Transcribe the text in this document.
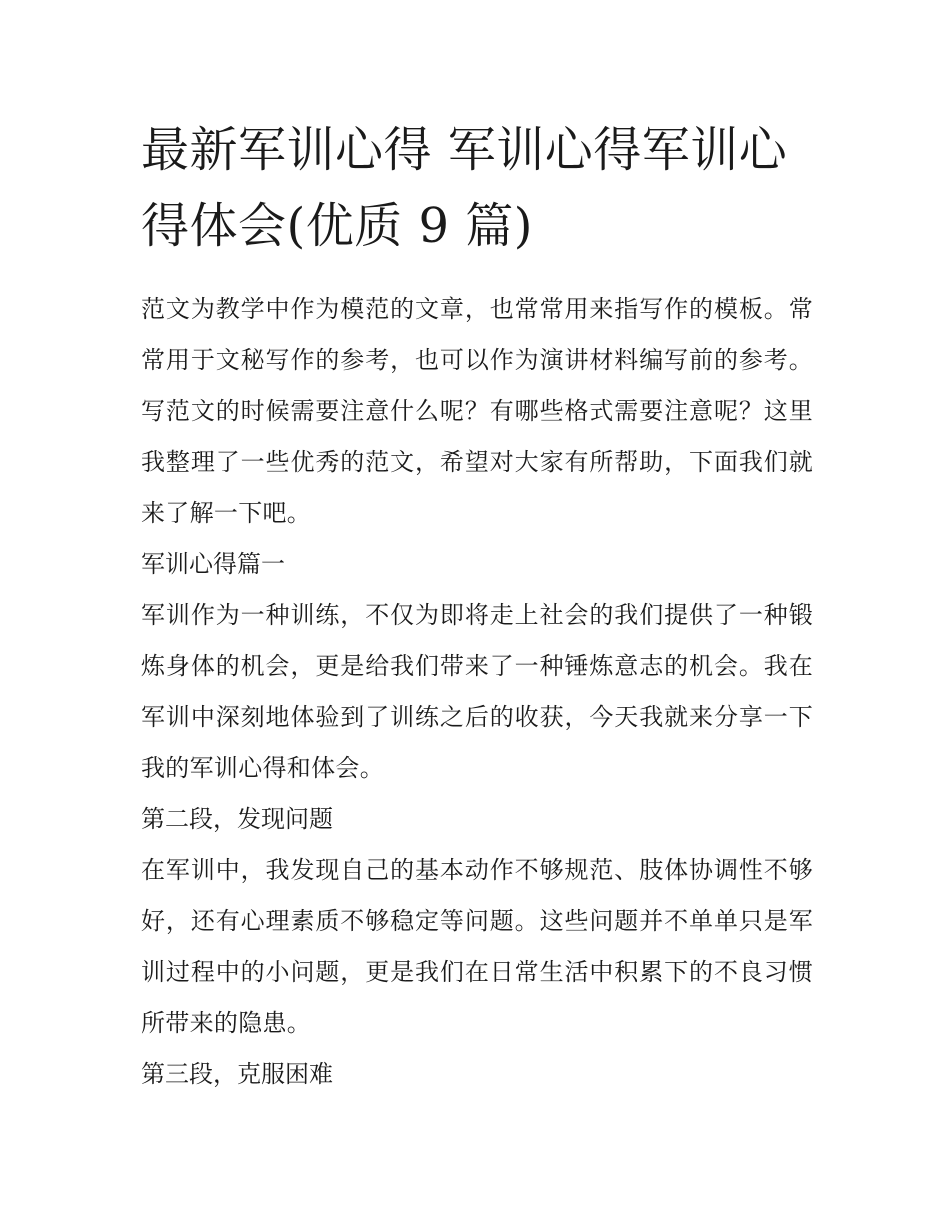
最新军训心得 军训心得军训心得体会(优质 9 篇)

范文为教学中作为模范的文章，也常常用来指写作的模板。常常用于文秘写作的参考，也可以作为演讲材料编写前的参考。写范文的时候需要注意什么呢？有哪些格式需要注意呢？这里我整理了一些优秀的范文，希望对大家有所帮助，下面我们就来了解一下吧。

军训心得篇一

军训作为一种训练，不仅为即将走上社会的我们提供了一种锻炼身体的机会，更是给我们带来了一种锤炼意志的机会。我在军训中深刻地体验到了训练之后的收获，今天我就来分享一下我的军训心得和体会。

第二段，发现问题

在军训中，我发现自己的基本动作不够规范、肢体协调性不够好，还有心理素质不够稳定等问题。这些问题并不单单只是军训过程中的小问题，更是我们在日常生活中积累下的不良习惯所带来的隐患。

第三段，克服困难
